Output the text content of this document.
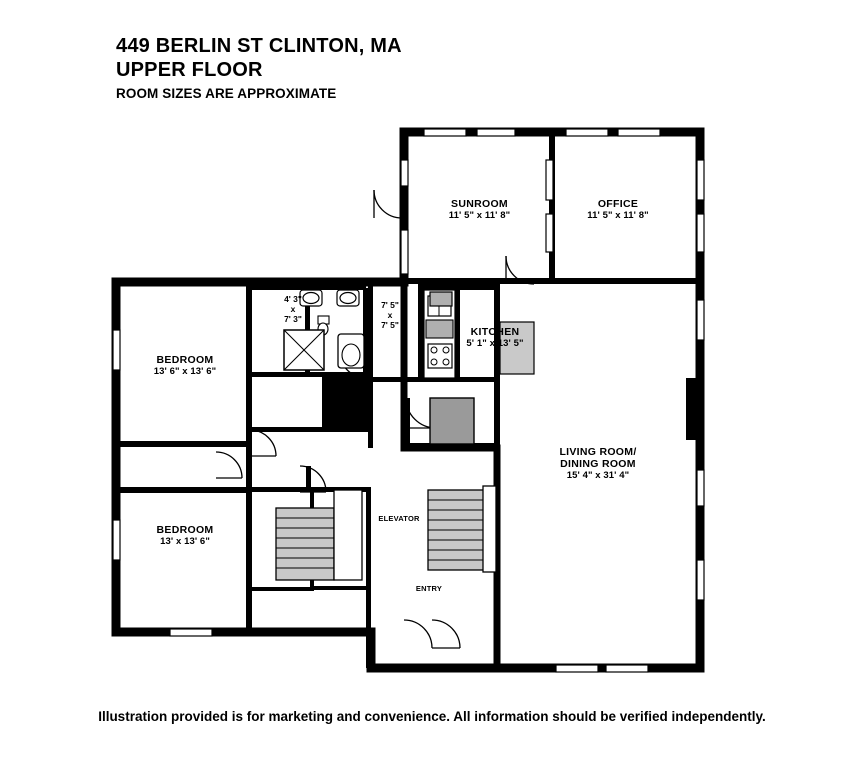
449 BERLIN ST CLINTON, MA
UPPER FLOOR
ROOM SIZES ARE APPROXIMATE
SUNROOM
11' 5" x 11' 8"
OFFICE
11' 5" x 11' 8"
BEDROOM
13' 6" x 13' 6"
KITCHEN
5' 1" x 13' 5"
LIVING ROOM/
DINING ROOM
15' 4" x 31' 4"
BEDROOM
13' x 13' 6"
4' 3"
x
7' 3"
7' 5"
x
7' 5"
4' 11"
x
5' 6"
ELEVATOR
ENTRY
Illustration provided is for marketing and convenience. All information should be verified independently.
